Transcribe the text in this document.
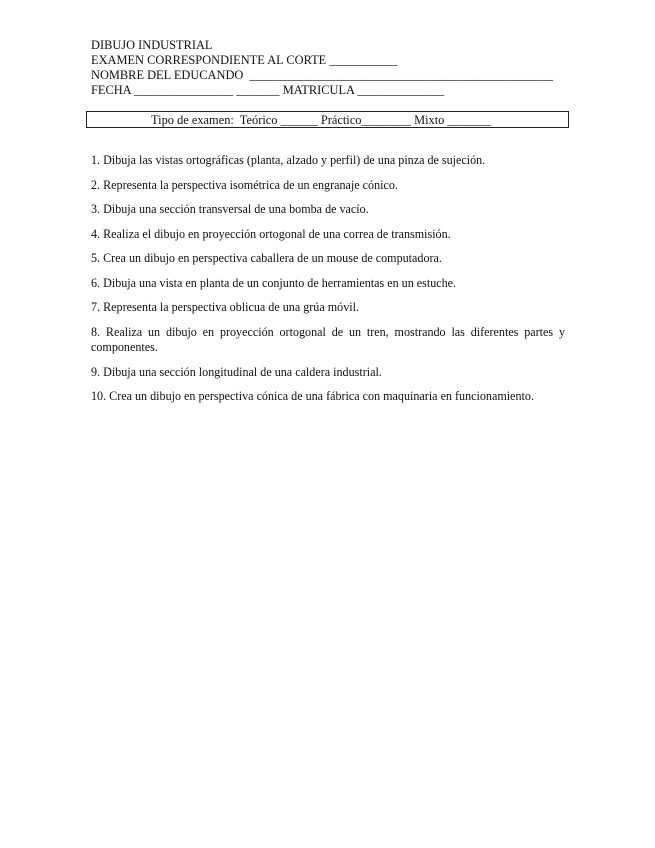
DIBUJO INDUSTRIAL
EXAMEN CORRESPONDIENTE AL CORTE ___________
NOMBRE DEL EDUCANDO  _________________________________________________
FECHA ________________ _______ MATRICULA ______________

Tipo de examen:  Teórico ______ Práctico________ Mixto _______

1. Dibuja las vistas ortográficas (planta, alzado y perfil) de una pinza de sujeción.
2. Representa la perspectiva isométrica de un engranaje cónico.
3. Dibuja una sección transversal de una bomba de vacío.
4. Realiza el dibujo en proyección ortogonal de una correa de transmisión.
5. Crea un dibujo en perspectiva caballera de un mouse de computadora.
6. Dibuja una vista en planta de un conjunto de herramientas en un estuche.
7. Representa la perspectiva oblicua de una grúa móvil.
8. Realiza un dibujo en proyección ortogonal de un tren, mostrando las diferentes partes y componentes.
9. Dibuja una sección longitudinal de una caldera industrial.
10. Crea un dibujo en perspectiva cónica de una fábrica con maquinaria en funcionamiento.
